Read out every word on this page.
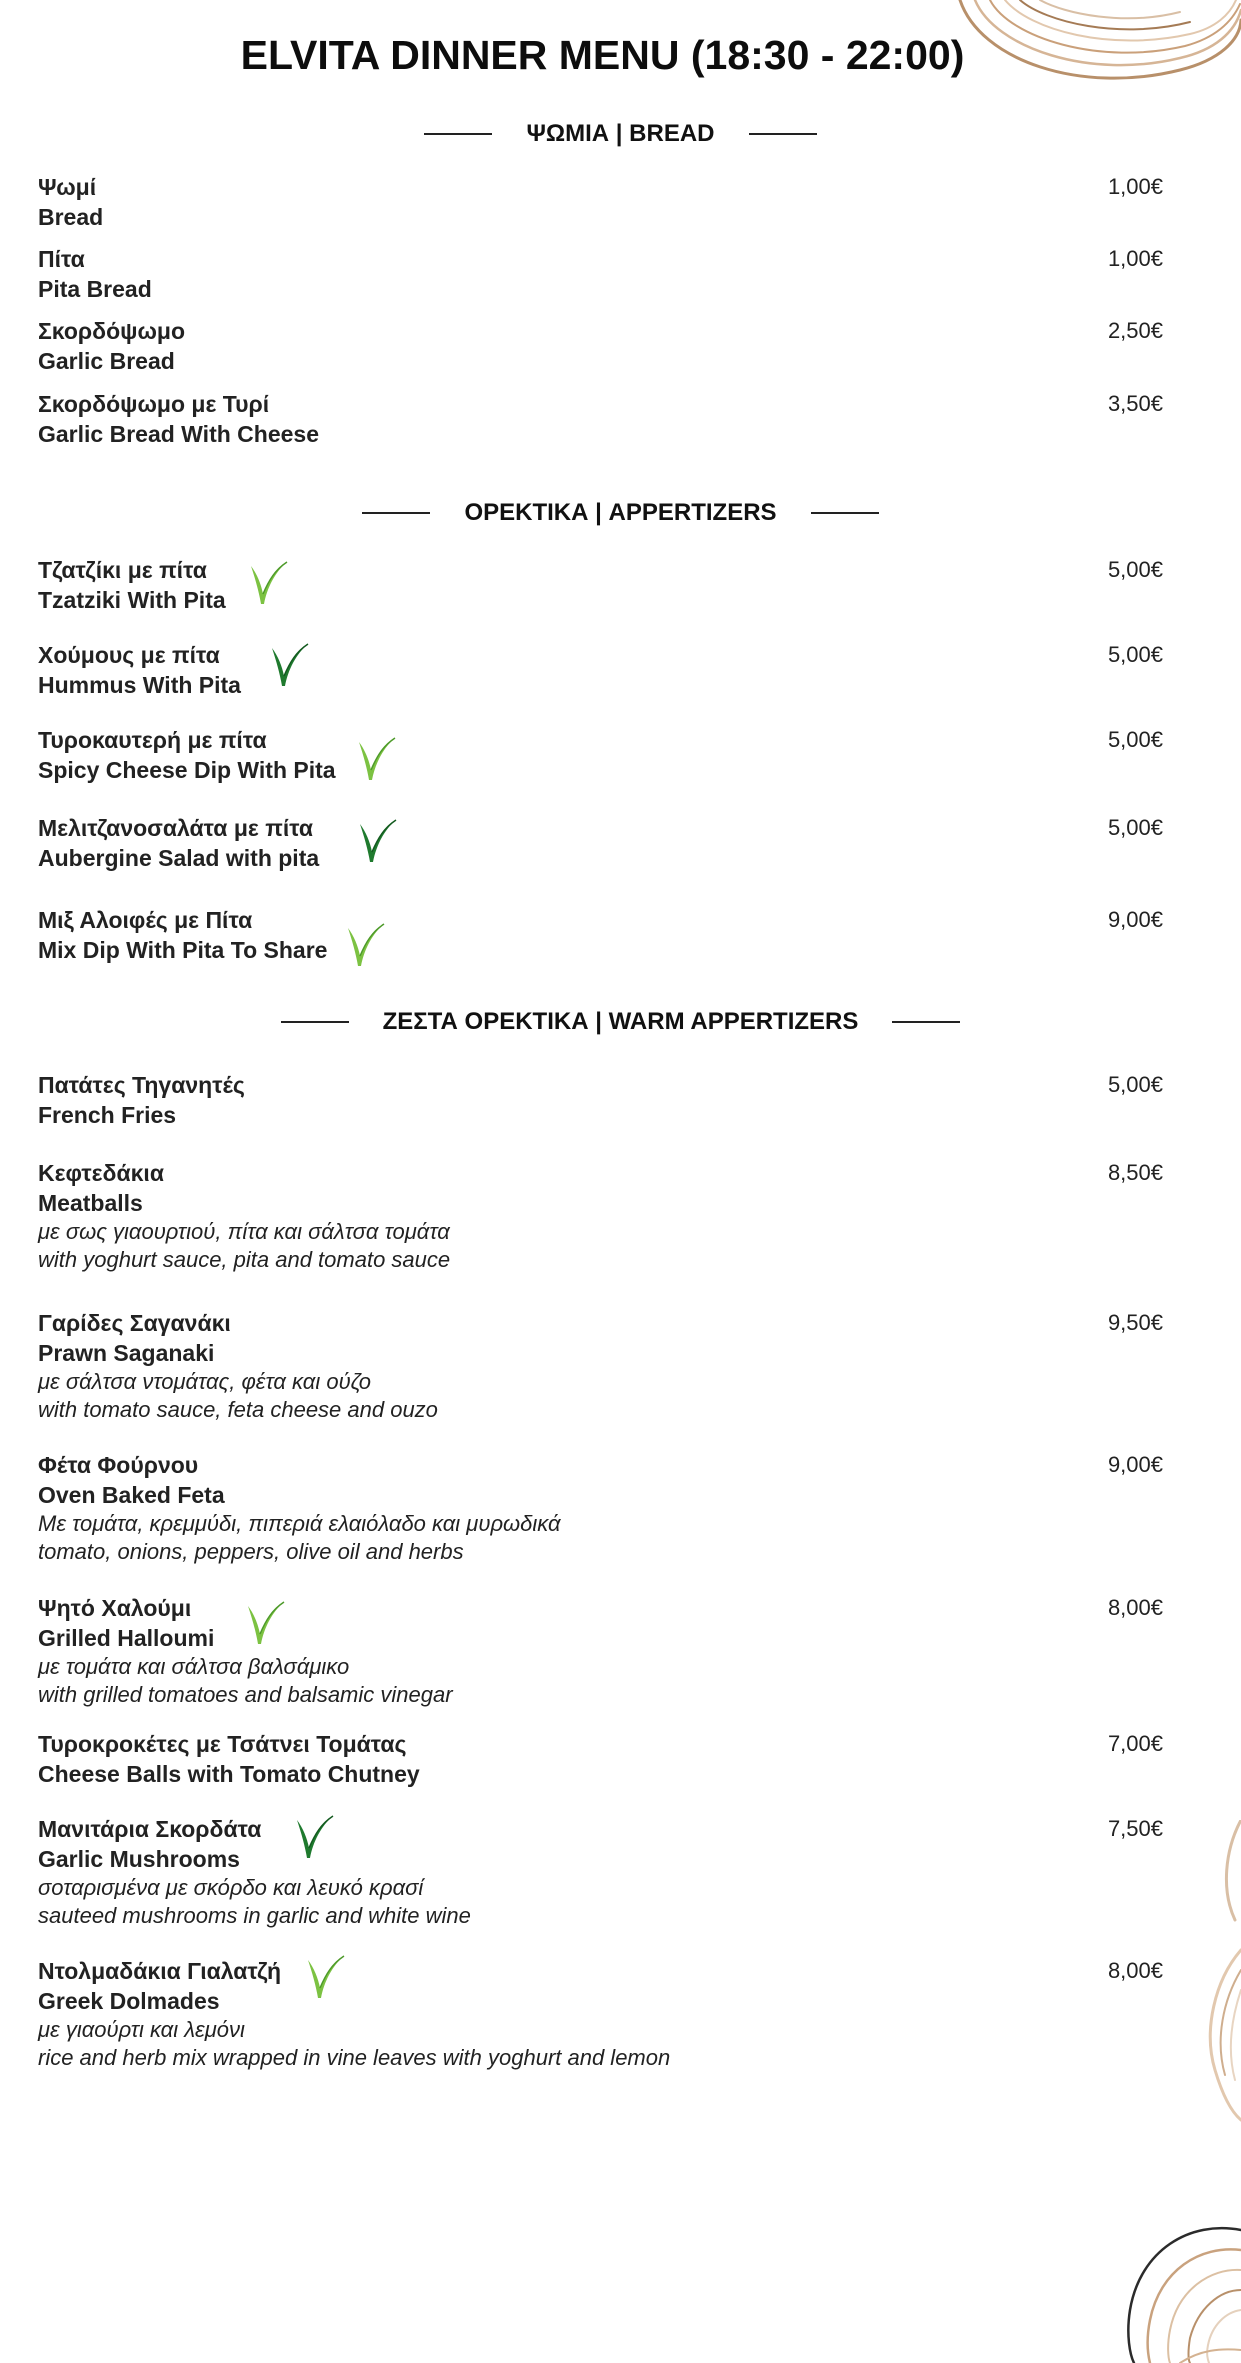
ELVITA DINNER MENU (18:30 - 22:00)
ΨΩΜΙΑ | BREAD
Ψωμί
Bread
1,00€
Πίτα
Pita Bread
1,00€
Σκορδόψωμο
Garlic Bread
2,50€
Σκορδόψωμο με Τυρί
Garlic Bread With Cheese
3,50€
ΟΡΕΚΤΙΚΑ | APPERTIZERS
Τζατζίκι με πίτα
Tzatziki With Pita
5,00€
Χούμους με πίτα
Hummus With Pita
5,00€
Τυροκαυτερή με πίτα
Spicy Cheese Dip With Pita
5,00€
Μελιτζανοσαλάτα με πίτα
Aubergine Salad with pita
5,00€
Μιξ Αλοιφές με Πίτα
Mix Dip With Pita To Share
9,00€
ΖΕΣΤΑ ΟΡΕΚΤΙΚΑ | WARM APPERTIZERS
Πατάτες Τηγανητές
French Fries
5,00€
Κεφτεδάκια
Meatballs
με σως γιαουρτιού, πίτα και σάλτσα τομάτα
with yoghurt sauce, pita and tomato sauce
8,50€
Γαρίδες Σαγανάκι
Prawn Saganaki
με σάλτσα ντομάτας, φέτα και ούζο
with tomato sauce, feta cheese and ouzo
9,50€
Φέτα Φούρνου
Oven Baked Feta
Με τομάτα, κρεμμύδι, πιπεριά ελαιόλαδο και μυρωδικά
tomato, onions, peppers, olive oil and herbs
9,00€
Ψητό Χαλούμι
Grilled Halloumi
με τομάτα και σάλτσα βαλσάμικο
with grilled tomatoes and balsamic vinegar
8,00€
Τυροκροκέτες με Τσάτνει Τομάτας
Cheese Balls with Tomato Chutney
7,00€
Μανιτάρια Σκορδάτα
Garlic Mushrooms
σοταρισμένα με σκόρδο και λευκό κρασί
sauteed mushrooms in garlic and white wine
7,50€
Ντολμαδάκια Γιαλατζή
Greek Dolmades
με γιαούρτι και λεμόνι
rice and herb mix wrapped in vine leaves with yoghurt and lemon
8,00€
